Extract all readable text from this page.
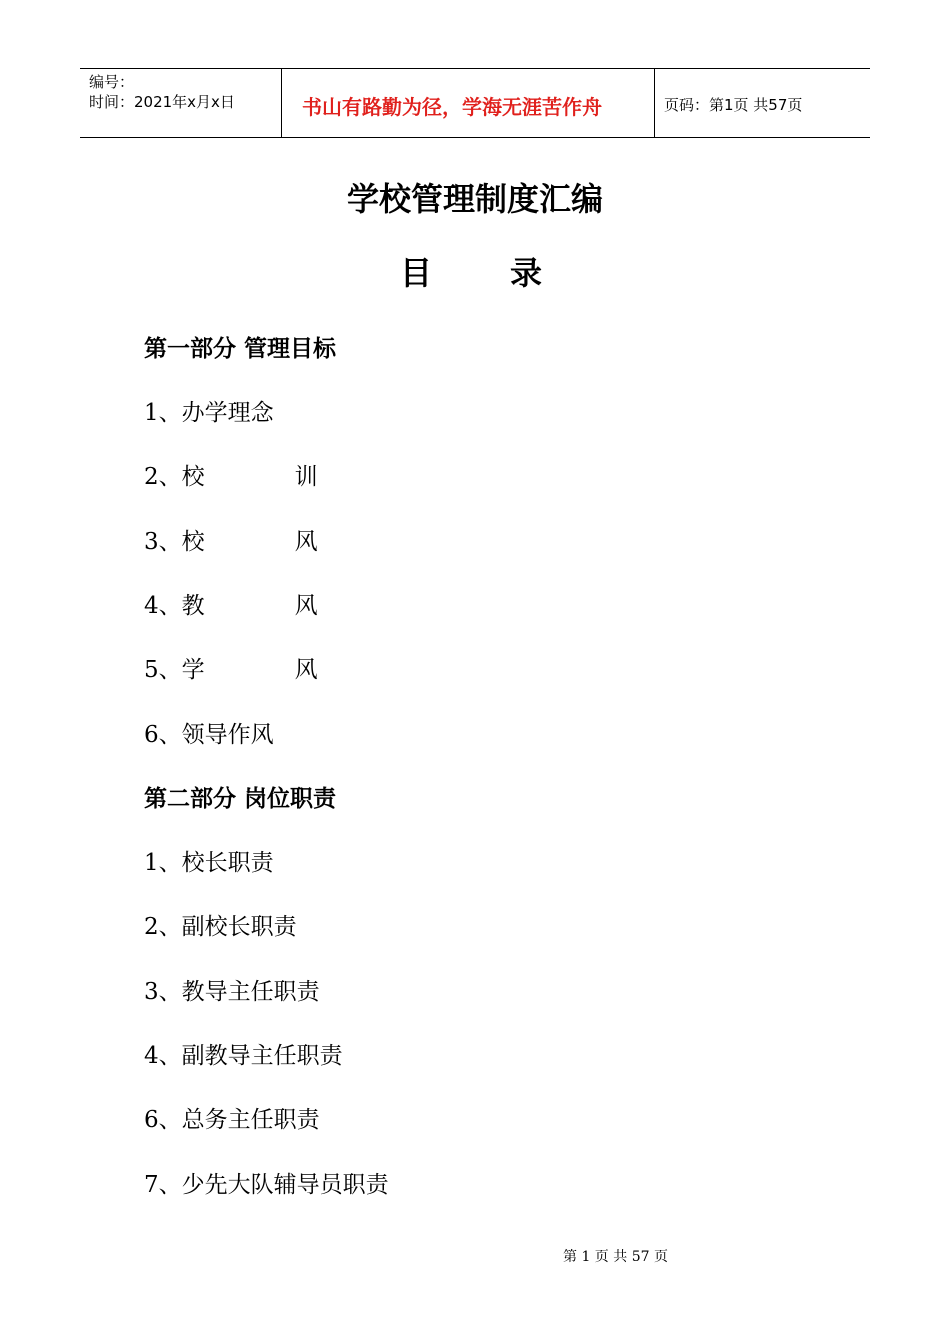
编号：
时间：2021年x月x日	书山有路勤为径，学海无涯苦作舟	页码：第1页 共57页
学校管理制度汇编
目 录
第一部分 管理目标
1、办学理念
2、校	训
3、校	风
4、教	风
5、学	风
6、领导作风
第二部分 岗位职责
1、校长职责
2、副校长职责
3、教导主任职责
4、副教导主任职责
6、总务主任职责
7、少先大队辅导员职责
第 1 页 共 57 页
